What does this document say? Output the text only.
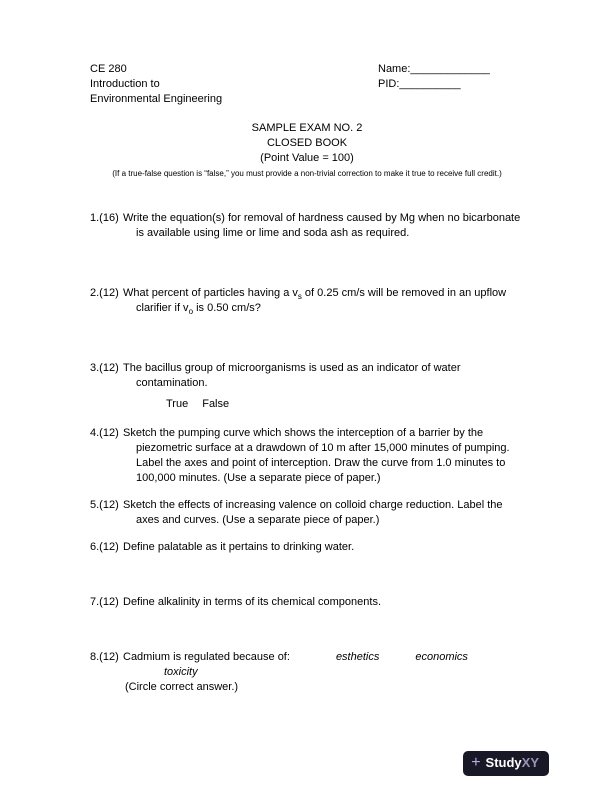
CE 280
Introduction to
Environmental Engineering
Name:_____________
PID:__________
SAMPLE EXAM NO. 2
CLOSED BOOK
(Point Value = 100)
(If a true-false question is “false,” you must provide a non-trivial correction to make it true to receive full credit.)
1.(16) Write the equation(s) for removal of hardness caused by Mg when no bicarbonate is available using lime or lime and soda ash as required.
2.(12) What percent of particles having a $v_s$ of 0.25 cm/s will be removed in an upflow clarifier if $v_o$ is 0.50 cm/s?
3.(12) The bacillus group of microorganisms is used as an indicator of water contamination.
True False
4.(12) Sketch the pumping curve which shows the interception of a barrier by the piezometric surface at a drawdown of 10 m after 15,000 minutes of pumping. Label the axes and point of interception. Draw the curve from 1.0 minutes to 100,000 minutes. (Use a separate piece of paper.)
5.(12) Sketch the effects of increasing valence on colloid charge reduction. Label the axes and curves. (Use a separate piece of paper.)
6.(12) Define palatable as it pertains to drinking water.
7.(12) Define alkalinity in terms of its chemical components.
8.(12) Cadmium is regulated because of:	esthetics	economics
toxicity
(Circle correct answer.)
+ Study XY
